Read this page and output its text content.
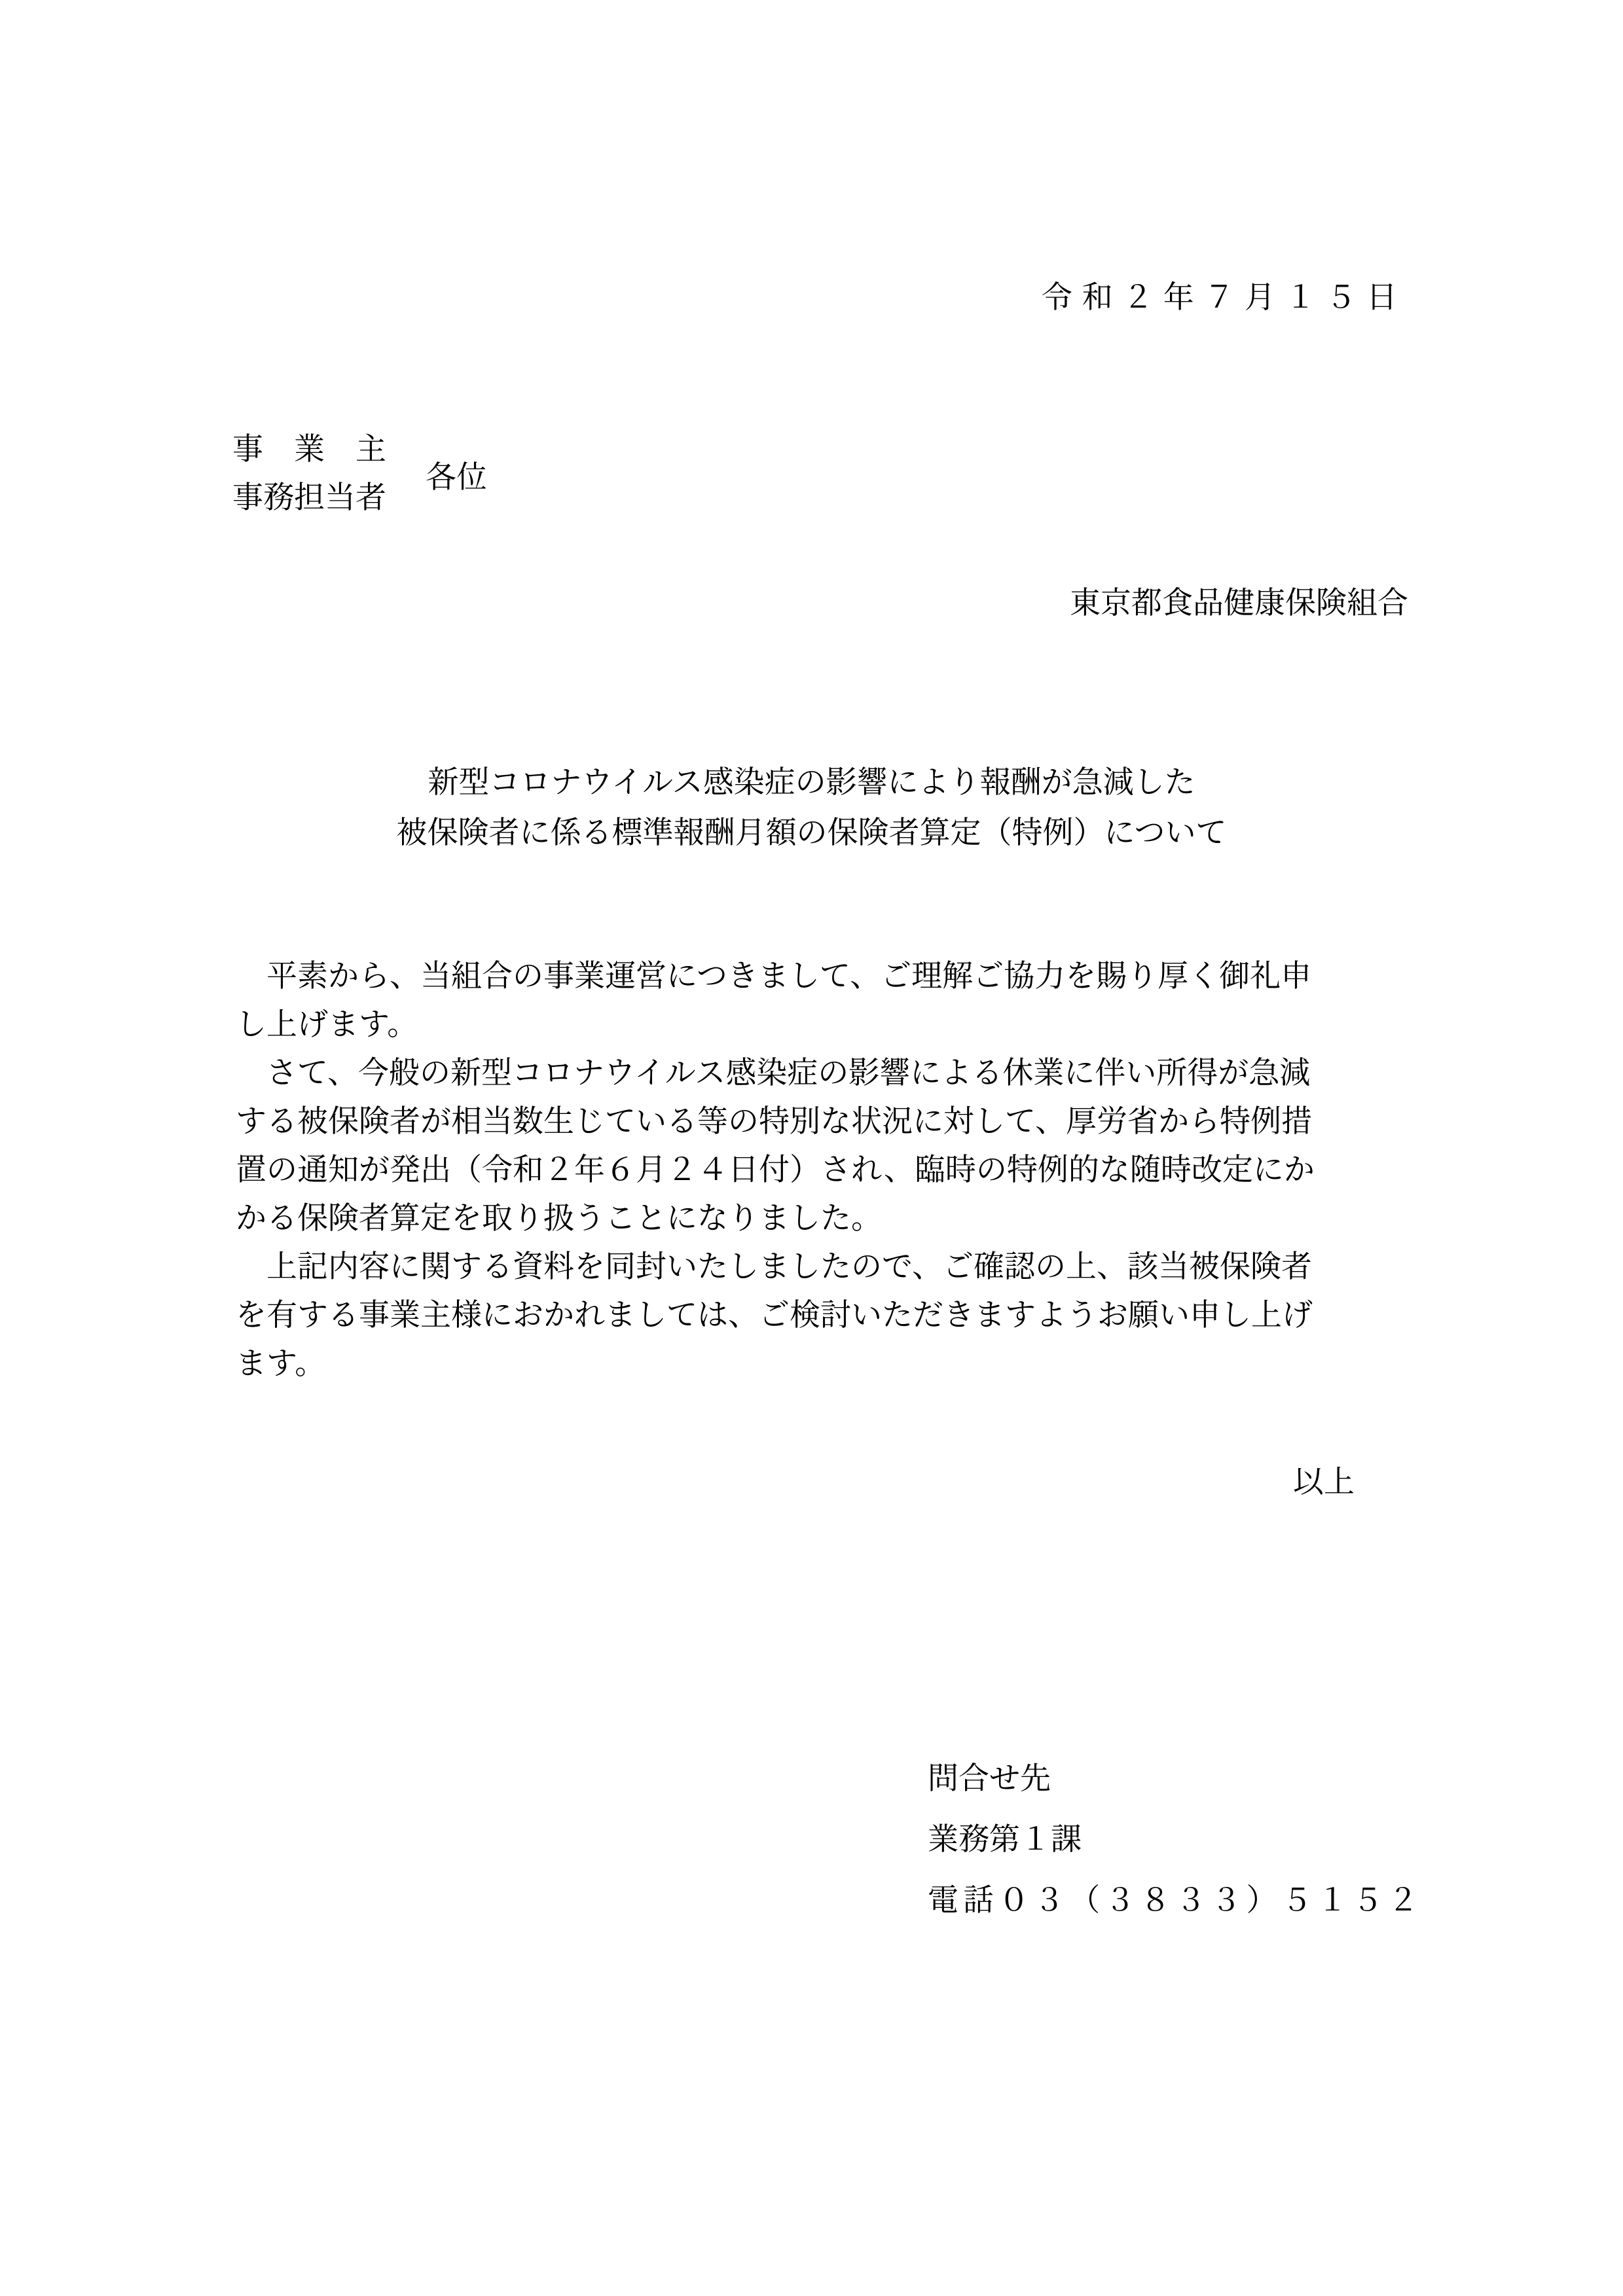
令和２年７月１５日
事　業　主
事務担当者
各位
東京都食品健康保険組合
新型コロナウイルス感染症の影響により報酬が急減した
被保険者に係る標準報酬月額の保険者算定（特例）について
　平素から、当組合の事業運営につきまして、ご理解ご協力を賜り厚く御礼申
し上げます。
　さて、今般の新型コロナウイルス感染症の影響による休業に伴い所得が急減
する被保険者が相当数生じている等の特別な状況に対して、厚労省から特例措
置の通知が発出（令和２年６月２４日付）され、臨時の特例的な随時改定にか
かる保険者算定を取り扱うことになりました。
　上記内容に関する資料を同封いたしましたので、ご確認の上、該当被保険者
を有する事業主様におかれましては、ご検討いただきますようお願い申し上げ
ます。
以上
問合せ先
業務第１課
電話０３（３８３３）５１５２
